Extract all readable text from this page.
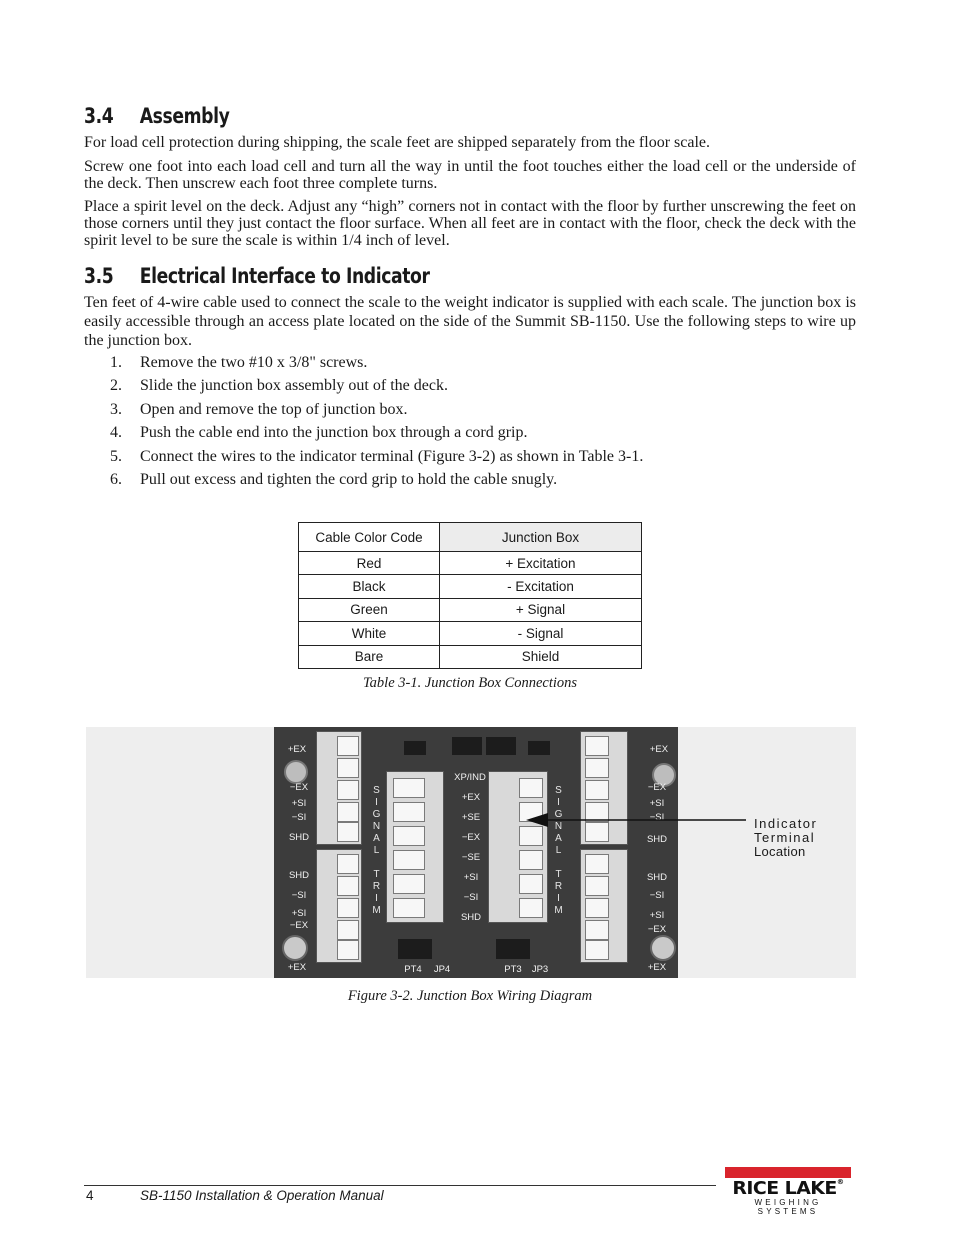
3.4 Assembly

For load cell protection during shipping, the scale feet are shipped separately from the floor scale.

Screw one foot into each load cell and turn all the way in until the foot touches either the load cell or the underside of the deck. Then unscrew each foot three complete turns.

Place a spirit level on the deck. Adjust any “high” corners not in contact with the floor by further unscrewing the feet on those corners until they just contact the floor surface. When all feet are in contact with the floor, check the deck with the spirit level to be sure the scale is within 1/4 inch of level.

3.5 Electrical Interface to Indicator

Ten feet of 4-wire cable used to connect the scale to the weight indicator is supplied with each scale. The junction box is easily accessible through an access plate located on the side of the Summit SB-1150. Use the following steps to wire up the junction box.

1. Remove the two #10 x 3/8" screws.
2. Slide the junction box assembly out of the deck.
3. Open and remove the top of junction box.
4. Push the cable end into the junction box through a cord grip.
5. Connect the wires to the indicator terminal (Figure 3-2) as shown in Table 3-1.
6. Pull out excess and tighten the cord grip to hold the cable snugly.
Cable Color Code	Junction Box
Red	+ Excitation
Black	- Excitation
Green	+ Signal
White	- Signal
Bare	Shield
Table 3-1. Junction Box Connections
+EX
−EX
+SI
−SI
SHD
SHD
−SI
+SI
−EX
+EX
+EX
−EX
+SI
−SI
SHD
SHD
−SI
+SI
−EX
+EX
SIGNAL TRIM
XP/IND
+EX
+SE
−EX
−SE
+SI
−SI
SHD
SIGNAL TRIM
PT4	PT3
JP4	JP3
Indicator
Terminal
Location
Figure 3-2. Junction Box Wiring Diagram
4	SB-1150 Installation & Operation Manual	RICE LAKE®
WEIGHING SYSTEMS
